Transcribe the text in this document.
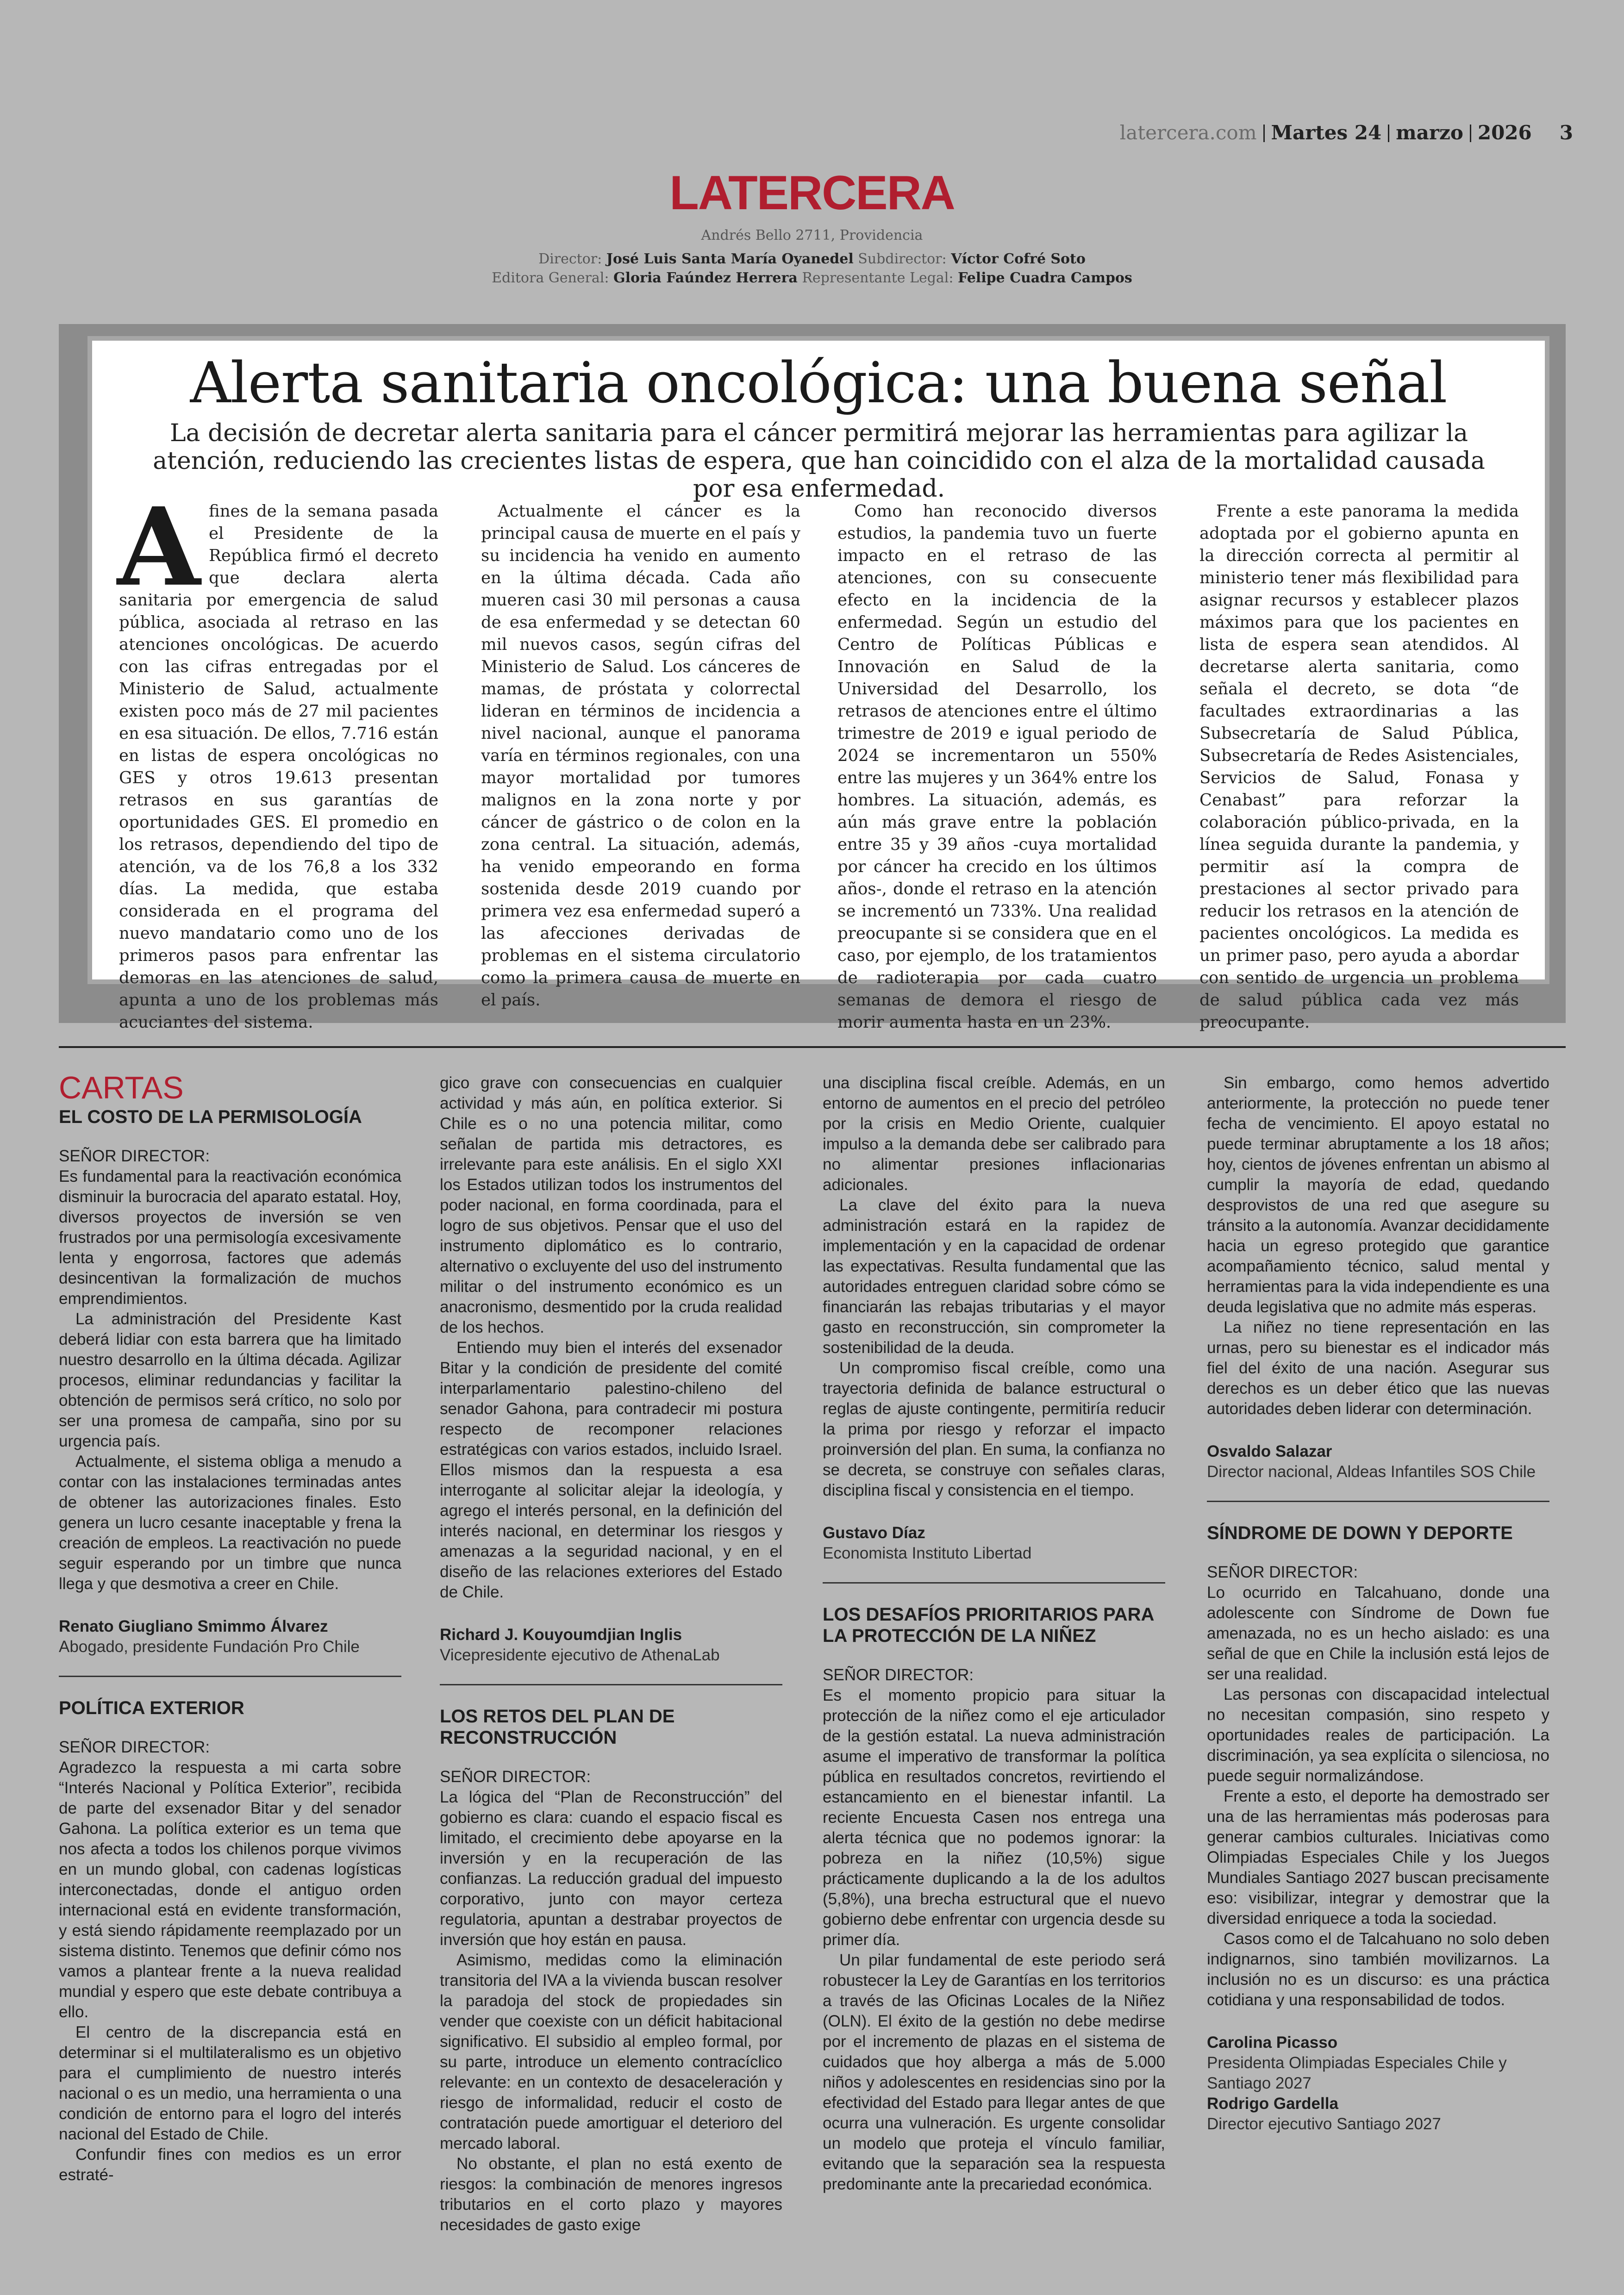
latercera.com Martes 24 marzo 2026 3
LATERCERA
Andrés Bello 2711, Providencia
Director: José Luis Santa María Oyanedel Subdirector: Víctor Cofré Soto
Editora General: Gloria Faúndez Herrera Representante Legal: Felipe Cuadra Campos
Alerta sanitaria oncológica: una buena señal
La decisión de decretar alerta sanitaria para el cáncer permitirá mejorar las herramientas para agilizar la atención, reduciendo las crecientes listas de espera, que han coincidido con el alza de la mortalidad causada por esa enfermedad.
Afines de la semana pasada el Presidente de la República firmó el decreto que declara alerta sanitaria por emergencia de salud pública, asociada al retraso en las atenciones oncológicas. De acuerdo con las cifras entregadas por el Ministerio de Salud, actualmente existen poco más de 27 mil pacientes en esa situación. De ellos, 7.716 están en listas de espera oncológicas no GES y otros 19.613 presentan retrasos en sus garantías de oportunidades GES. El promedio en los retrasos, dependiendo del tipo de atención, va de los 76,8 a los 332 días. La medida, que estaba considerada en el programa del nuevo mandatario como uno de los primeros pasos para enfrentar las demoras en las atenciones de salud, apunta a uno de los problemas más acuciantes del sistema.
Actualmente el cáncer es la principal causa de muerte en el país y su incidencia ha venido en aumento en la última década. Cada año mueren casi 30 mil personas a causa de esa enfermedad y se detectan 60 mil nuevos casos, según cifras del Ministerio de Salud. Los cánceres de mamas, de próstata y colorrectal lideran en términos de incidencia a nivel nacional, aunque el panorama varía en términos regionales, con una mayor mortalidad por tumores malignos en la zona norte y por cáncer de gástrico o de colon en la zona central. La situación, además, ha venido empeorando en forma sostenida desde 2019 cuando por primera vez esa enfermedad superó a las afecciones derivadas de problemas en el sistema circulatorio como la primera causa de muerte en el país.
Como han reconocido diversos estudios, la pandemia tuvo un fuerte impacto en el retraso de las atenciones, con su consecuente efecto en la incidencia de la enfermedad. Según un estudio del Centro de Políticas Públicas e Innovación en Salud de la Universidad del Desarrollo, los retrasos de atenciones entre el último trimestre de 2019 e igual periodo de 2024 se incrementaron un 550% entre las mujeres y un 364% entre los hombres. La situación, además, es aún más grave entre la población entre 35 y 39 años -cuya mortalidad por cáncer ha crecido en los últimos años-, donde el retraso en la atención se incrementó un 733%. Una realidad preocupante si se considera que en el caso, por ejemplo, de los tratamientos de radioterapia por cada cuatro semanas de demora el riesgo de morir aumenta hasta en un 23%.
Frente a este panorama la medida adoptada por el gobierno apunta en la dirección correcta al permitir al ministerio tener más flexibilidad para asignar recursos y establecer plazos máximos para que los pacientes en lista de espera sean atendidos. Al decretarse alerta sanitaria, como señala el decreto, se dota “de facultades extraordinarias a las Subsecretaría de Salud Pública, Subsecretaría de Redes Asistenciales, Servicios de Salud, Fonasa y Cenabast” para reforzar la colaboración público-privada, en la línea seguida durante la pandemia, y permitir así la compra de prestaciones al sector privado para reducir los retrasos en la atención de pacientes oncológicos. La medida es un primer paso, pero ayuda a abordar con sentido de urgencia un problema de salud pública cada vez más preocupante.
CARTAS
EL COSTO DE LA PERMISOLOGÍA

SEÑOR DIRECTOR:

Es fundamental para la reactivación económica disminuir la burocracia del aparato estatal. Hoy, diversos proyectos de inversión se ven frustrados por una permisología excesivamente lenta y engorrosa, factores que además desincentivan la formalización de muchos emprendimientos.

La administración del Presidente Kast deberá lidiar con esta barrera que ha limitado nuestro desarrollo en la última década. Agilizar procesos, eliminar redundancias y facilitar la obtención de permisos será crítico, no solo por ser una promesa de campaña, sino por su urgencia país.

Actualmente, el sistema obliga a menudo a contar con las instalaciones terminadas antes de obtener las autorizaciones finales. Esto genera un lucro cesante inaceptable y frena la creación de empleos. La reactivación no puede seguir esperando por un timbre que nunca llega y que desmotiva a creer en Chile.

Renato Giugliano Smimmo Álvarez
Abogado, presidente Fundación Pro Chile
POLÍTICA EXTERIOR

SEÑOR DIRECTOR:

Agradezco la respuesta a mi carta sobre “Interés Nacional y Política Exterior”, recibida de parte del exsenador Bitar y del senador Gahona. La política exterior es un tema que nos afecta a todos los chilenos porque vivimos en un mundo global, con cadenas logísticas interconectadas, donde el antiguo orden internacional está en evidente transformación, y está siendo rápidamente reemplazado por un sistema distinto. Tenemos que definir cómo nos vamos a plantear frente a la nueva realidad mundial y espero que este debate contribuya a ello.

El centro de la discrepancia está en determinar si el multilateralismo es un objetivo para el cumplimiento de nuestro interés nacional o es un medio, una herramienta o una condición de entorno para el logro del interés nacional del Estado de Chile.

Confundir fines con medios es un error estraté-

gico grave con consecuencias en cualquier actividad y más aún, en política exterior. Si Chile es o no una potencia militar, como señalan de partida mis detractores, es irrelevante para este análisis. En el siglo XXI los Estados utilizan todos los instrumentos del poder nacional, en forma coordinada, para el logro de sus objetivos. Pensar que el uso del instrumento diplomático es lo contrario, alternativo o excluyente del uso del instrumento militar o del instrumento económico es un anacronismo, desmentido por la cruda realidad de los hechos.

Entiendo muy bien el interés del exsenador Bitar y la condición de presidente del comité interparlamentario palestino-chileno del senador Gahona, para contradecir mi postura respecto de recomponer relaciones estratégicas con varios estados, incluido Israel. Ellos mismos dan la respuesta a esa interrogante al solicitar alejar la ideología, y agrego el interés personal, en la definición del interés nacional, en determinar los riesgos y amenazas a la seguridad nacional, y en el diseño de las relaciones exteriores del Estado de Chile.

Richard J. Kouyoumdjian Inglis
Vicepresidente ejecutivo de AthenaLab
LOS RETOS DEL PLAN DE RECONSTRUCCIÓN

SEÑOR DIRECTOR:

La lógica del “Plan de Reconstrucción” del gobierno es clara: cuando el espacio fiscal es limitado, el crecimiento debe apoyarse en la inversión y en la recuperación de las confianzas. La reducción gradual del impuesto corporativo, junto con mayor certeza regulatoria, apuntan a destrabar proyectos de inversión que hoy están en pausa.

Asimismo, medidas como la eliminación transitoria del IVA a la vivienda buscan resolver la paradoja del stock de propiedades sin vender que coexiste con un déficit habitacional significativo. El subsidio al empleo formal, por su parte, introduce un elemento contracíclico relevante: en un contexto de desaceleración y riesgo de informalidad, reducir el costo de contratación puede amortiguar el deterioro del mercado laboral.

No obstante, el plan no está exento de riesgos: la combinación de menores ingresos tributarios en el corto plazo y mayores necesidades de gasto exige

una disciplina fiscal creíble. Además, en un entorno de aumentos en el precio del petróleo por la crisis en Medio Oriente, cualquier impulso a la demanda debe ser calibrado para no alimentar presiones inflacionarias adicionales.

La clave del éxito para la nueva administración estará en la rapidez de implementación y en la capacidad de ordenar las expectativas. Resulta fundamental que las autoridades entreguen claridad sobre cómo se financiarán las rebajas tributarias y el mayor gasto en reconstrucción, sin comprometer la sostenibilidad de la deuda.

Un compromiso fiscal creíble, como una trayectoria definida de balance estructural o reglas de ajuste contingente, permitiría reducir la prima por riesgo y reforzar el impacto proinversión del plan. En suma, la confianza no se decreta, se construye con señales claras, disciplina fiscal y consistencia en el tiempo.

Gustavo Díaz
Economista Instituto Libertad
LOS DESAFÍOS PRIORITARIOS PARA LA PROTECCIÓN DE LA NIÑEZ

SEÑOR DIRECTOR:

Es el momento propicio para situar la protección de la niñez como el eje articulador de la gestión estatal. La nueva administración asume el imperativo de transformar la política pública en resultados concretos, revirtiendo el estancamiento en el bienestar infantil. La reciente Encuesta Casen nos entrega una alerta técnica que no podemos ignorar: la pobreza en la niñez (10,5%) sigue prácticamente duplicando a la de los adultos (5,8%), una brecha estructural que el nuevo gobierno debe enfrentar con urgencia desde su primer día.

Un pilar fundamental de este periodo será robustecer la Ley de Garantías en los territorios a través de las Oficinas Locales de la Niñez (OLN). El éxito de la gestión no debe medirse por el incremento de plazas en el sistema de cuidados que hoy alberga a más de 5.000 niños y adolescentes en residencias sino por la efectividad del Estado para llegar antes de que ocurra una vulneración. Es urgente consolidar un modelo que proteja el vínculo familiar, evitando que la separación sea la respuesta predominante ante la precariedad económica.

Sin embargo, como hemos advertido anteriormente, la protección no puede tener fecha de vencimiento. El apoyo estatal no puede terminar abruptamente a los 18 años; hoy, cientos de jóvenes enfrentan un abismo al cumplir la mayoría de edad, quedando desprovistos de una red que asegure su tránsito a la autonomía. Avanzar decididamente hacia un egreso protegido que garantice acompañamiento técnico, salud mental y herramientas para la vida independiente es una deuda legislativa que no admite más esperas.

La niñez no tiene representación en las urnas, pero su bienestar es el indicador más fiel del éxito de una nación. Asegurar sus derechos es un deber ético que las nuevas autoridades deben liderar con determinación.

Osvaldo Salazar
Director nacional, Aldeas Infantiles SOS Chile
SÍNDROME DE DOWN Y DEPORTE

SEÑOR DIRECTOR:

Lo ocurrido en Talcahuano, donde una adolescente con Síndrome de Down fue amenazada, no es un hecho aislado: es una señal de que en Chile la inclusión está lejos de ser una realidad.

Las personas con discapacidad intelectual no necesitan compasión, sino respeto y oportunidades reales de participación. La discriminación, ya sea explícita o silenciosa, no puede seguir normalizándose.

Frente a esto, el deporte ha demostrado ser una de las herramientas más poderosas para generar cambios culturales. Iniciativas como Olimpiadas Especiales Chile y los Juegos Mundiales Santiago 2027 buscan precisamente eso: visibilizar, integrar y demostrar que la diversidad enriquece a toda la sociedad.

Casos como el de Talcahuano no solo deben indignarnos, sino también movilizarnos. La inclusión no es un discurso: es una práctica cotidiana y una responsabilidad de todos.

Carolina Picasso
Presidenta Olimpiadas Especiales Chile y Santiago 2027
Rodrigo Gardella
Director ejecutivo Santiago 2027
